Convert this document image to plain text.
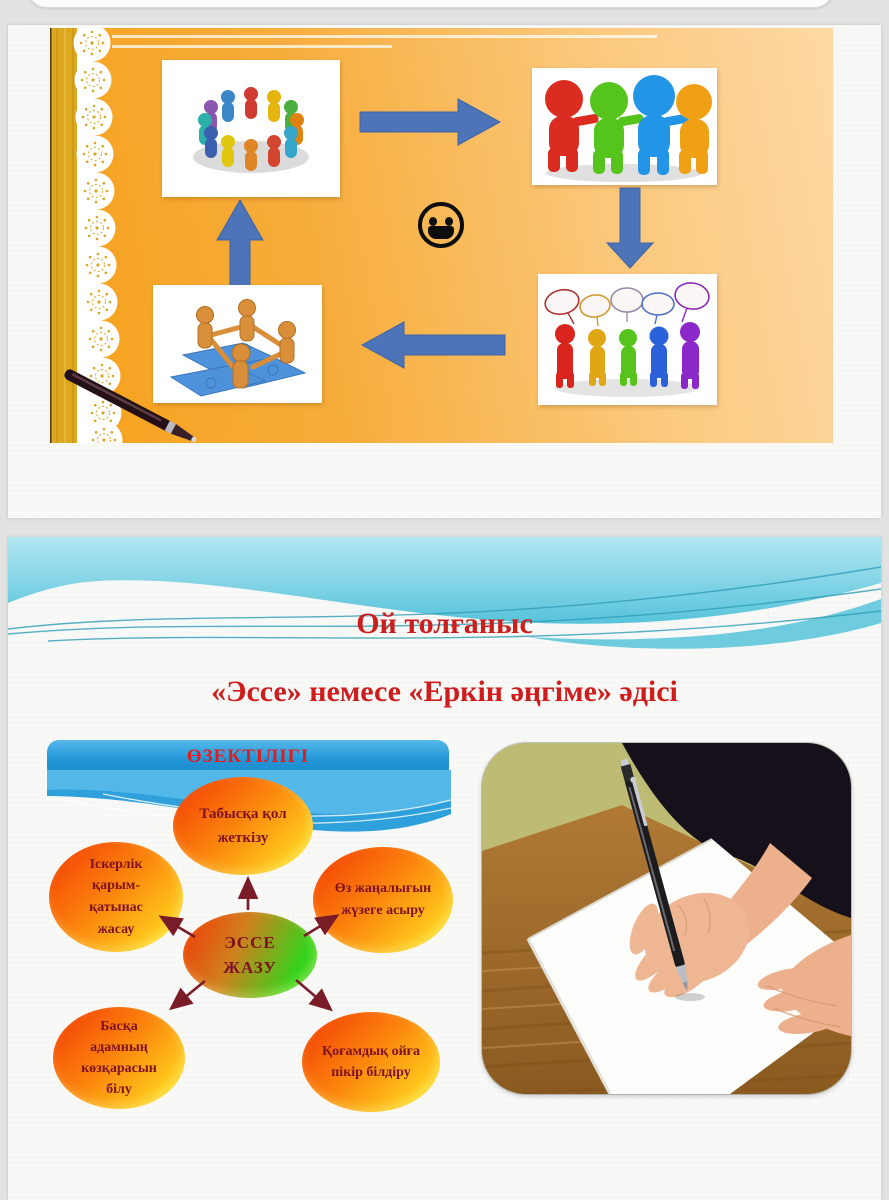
Ой толғаныс
«Эссе» немесе «Еркін әңгіме» әдісі
ӨЗЕКТІЛІГІ
Табысқа қол жеткізу
Іскерлік қарым-қатынас жасау
Өз жаңалығын жүзеге асыру
ЭССЕ ЖАЗУ
Басқа адамның көзқарасын білу
Қоғамдық ойға пікір білдіру
